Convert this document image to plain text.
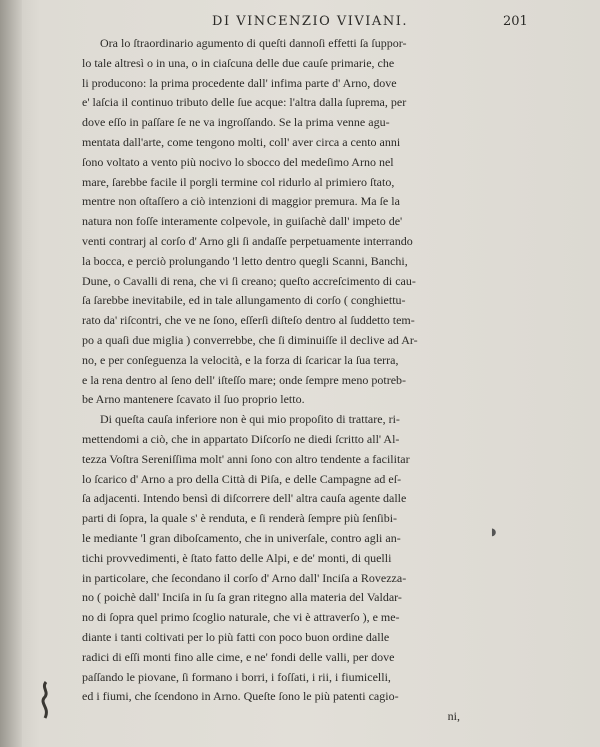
DI VINCENZIO VIVIANI.	201
Ora lo ſtraordinario agumento di queſti dannoſi effetti ſa ſuppor-
lo tale altresì o in una, o in ciaſcuna delle due cauſe primarie, che
li producono: la prima procedente dall' infima parte d' Arno, dove
e' laſcia il continuo tributo delle ſue acque: l'altra dalla ſuprema, per
dove eſſo in paſſare ſe ne va ingroſſando. Se la prima venne agu-
mentata dall'arte, come tengono molti, coll' aver circa a cento anni
ſono voltato a vento più nocivo lo sbocco del medeſimo Arno nel
mare, ſarebbe facile il porgli termine col ridurlo al primiero ſtato,
mentre non oſtaſſero a ciò intenzioni di maggior premura. Ma ſe la
natura non foſſe interamente colpevole, in guiſachè dall' impeto de'
venti contrarj al corſo d' Arno gli ſi andaſſe perpetuamente interrando
la bocca, e perciò prolungando 'l letto dentro quegli Scanni, Banchi,
Dune, o Cavalli di rena, che vi ſi creano; queſto accreſcimento di cau-
ſa ſarebbe inevitabile, ed in tale allungamento di corſo ( conghiettu-
rato da' riſcontri, che ve ne ſono, eſſerſi diſteſo dentro al ſuddetto tem-
po a quaſi due miglia ) converrebbe, che ſi diminuiſſe il declive ad Ar-
no, e per conſeguenza la velocità, e la forza di ſcaricar la ſua terra,
e la rena dentro al ſeno dell' iſteſſo mare; onde ſempre meno potreb-
be Arno mantenere ſcavato il ſuo proprio letto.
Di queſta cauſa inferiore non è qui mio propoſito di trattare, ri-
mettendomi a ciò, che in appartato Diſcorſo ne diedi ſcritto all' Al-
tezza Voſtra Sereniſſima molt' anni ſono con altro tendente a facilitar
lo ſcarico d' Arno a pro della Città di Piſa, e delle Campagne ad eſ-
ſa adjacenti. Intendo bensì di diſcorrere dell' altra cauſa agente dalle
parti di ſopra, la quale s' è renduta, e ſi renderà ſempre più ſenſibi-
le mediante 'l gran diboſcamento, che in univerſale, contro agli an-
tichi provvedimenti, è ſtato fatto delle Alpi, e de' monti, di quelli
in particolare, che ſecondano il corſo d' Arno dall' Inciſa a Rovezza-
no ( poichè dall' Inciſa in ſu ſa gran ritegno alla materia del Valdar-
no di ſopra quel primo ſcoglio naturale, che vi è attraverſo ), e me-
diante i tanti coltivati per lo più fatti con poco buon ordine dalle
radici di eſſi monti fino alle cime, e ne' fondi delle valli, per dove
paſſando le piovane, ſi formano i borri, i foſſati, i rii, i fiumicelli,
ed i fiumi, che ſcendono in Arno. Queſte ſono le più patenti cagio-
ni,
◗
